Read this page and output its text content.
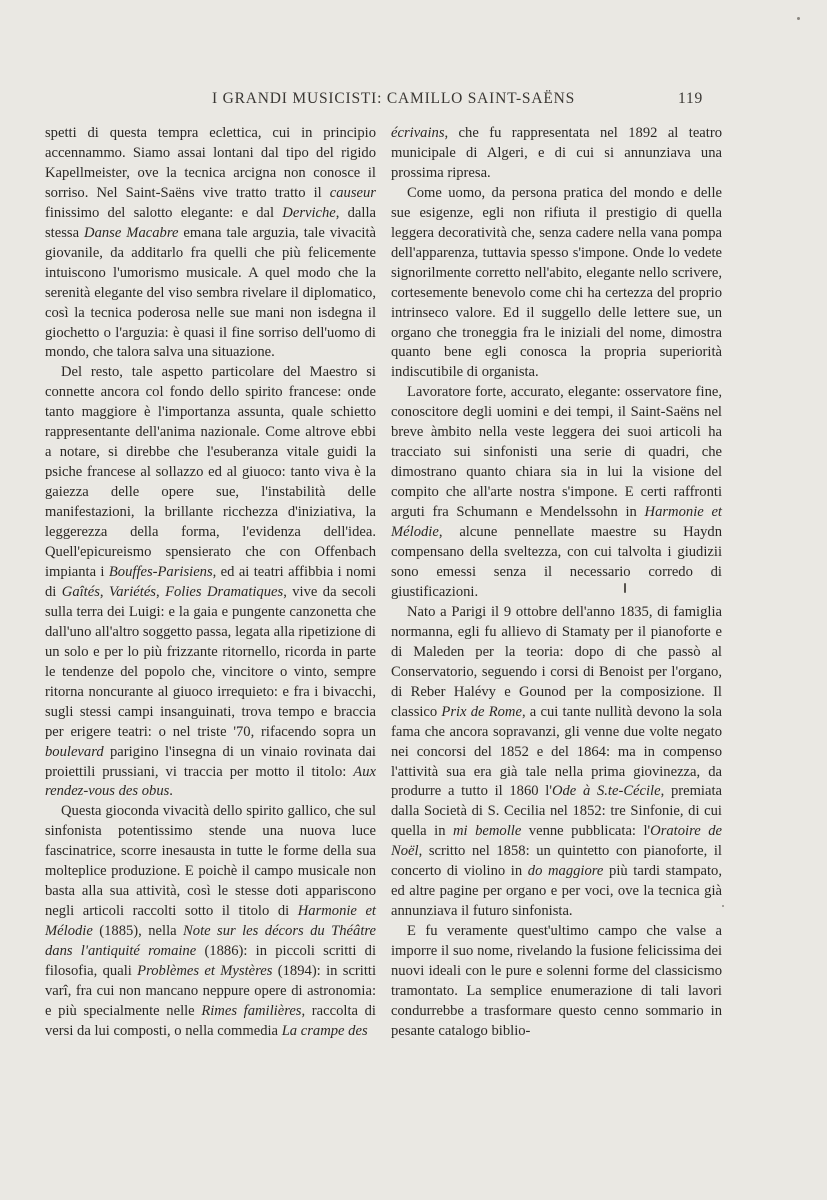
I GRANDI MUSICISTI: CAMILLO SAINT-SAËNS	119

spetti di questa tempra eclettica, cui in principio accennammo. Siamo assai lontani dal tipo del rigido Kapellmeister, ove la tecnica arcigna non conosce il sorriso. Nel Saint-Saëns vive tratto tratto il causeur finissimo del salotto elegante: e dal Derviche, dalla stessa Danse Macabre emana tale arguzia, tale vivacità giovanile, da additarlo fra quelli che più felicemente intuiscono l'umorismo musicale. A quel modo che la serenità elegante del viso sembra rivelare il diplomatico, così la tecnica poderosa nelle sue mani non isdegna il giochetto o l'arguzia: è quasi il fine sorriso dell'uomo di mondo, che talora salva una situazione.

Del resto, tale aspetto particolare del Maestro si connette ancora col fondo dello spirito francese: onde tanto maggiore è l'importanza assunta, quale schietto rappresentante dell'anima nazionale. Come altrove ebbi a notare, si direbbe che l'esuberanza vitale guidi la psiche francese al sollazzo ed al giuoco: tanto viva è la gaiezza delle opere sue, l'instabilità delle manifestazioni, la brillante ricchezza d'iniziativa, la leggerezza della forma, l'evidenza dell'idea. Quell'epicureismo spensierato che con Offenbach impianta i Bouffes-Parisiens, ed ai teatri affibbia i nomi di Gaîtés, Variétés, Folies Dramatiques, vive da secoli sulla terra dei Luigi: e la gaia e pungente canzonetta che dall'uno all'altro soggetto passa, legata alla ripetizione di un solo e per lo più frizzante ritornello, ricorda in parte le tendenze del popolo che, vincitore o vinto, sempre ritorna noncurante al giuoco irrequieto: e fra i bivacchi, sugli stessi campi insanguinati, trova tempo e braccia per erigere teatri: o nel triste '70, rifacendo sopra un boulevard parigino l'insegna di un vinaio rovinata dai proiettili prussiani, vi traccia per motto il titolo: Aux rendez-vous des obus.

Questa gioconda vivacità dello spirito gallico, che sul sinfonista potentissimo stende una nuova luce fascinatrice, scorre inesausta in tutte le forme della sua molteplice produzione. E poichè il campo musicale non basta alla sua attività, così le stesse doti appariscono negli articoli raccolti sotto il titolo di Harmonie et Mélodie (1885), nella Note sur les décors du Théâtre dans l'antiquité romaine (1886): in piccoli scritti di filosofia, quali Problèmes et Mystères (1894): in scritti varî, fra cui non mancano neppure opere di astronomia: e più specialmente nelle Rimes familières, raccolta di versi da lui composti, o nella commedia La crampe des

écrivains, che fu rappresentata nel 1892 al teatro municipale di Algeri, e di cui si annunziava una prossima ripresa.

Come uomo, da persona pratica del mondo e delle sue esigenze, egli non rifiuta il prestigio di quella leggera decoratività che, senza cadere nella vana pompa dell'apparenza, tuttavia spesso s'impone. Onde lo vedete signorilmente corretto nell'abito, elegante nello scrivere, cortesemente benevolo come chi ha certezza del proprio intrinseco valore. Ed il suggello delle lettere sue, un organo che troneggia fra le iniziali del nome, dimostra quanto bene egli conosca la propria superiorità indiscutibile di organista.

Lavoratore forte, accurato, elegante: osservatore fine, conoscitore degli uomini e dei tempi, il Saint-Saëns nel breve àmbito nella veste leggera dei suoi articoli ha tracciato sui sinfonisti una serie di quadri, che dimostrano quanto chiara sia in lui la visione del compito che all'arte nostra s'impone. E certi raffronti arguti fra Schumann e Mendelssohn in Harmonie et Mélodie, alcune pennellate maestre su Haydn compensano della sveltezza, con cui talvolta i giudizii sono emessi senza il necessario corredo di giustificazioni.

Nato a Parigi il 9 ottobre dell'anno 1835, di famiglia normanna, egli fu allievo di Stamaty per il pianoforte e di Maleden per la teoria: dopo di che passò al Conservatorio, seguendo i corsi di Benoist per l'organo, di Reber Halévy e Gounod per la composizione. Il classico Prix de Rome, a cui tante nullità devono la sola fama che ancora sopravanzi, gli venne due volte negato nei concorsi del 1852 e del 1864: ma in compenso l'attività sua era già tale nella prima giovinezza, da produrre a tutto il 1860 l'Ode à S.te-Cécile, premiata dalla Società di S. Cecilia nel 1852: tre Sinfonie, di cui quella in mi bemolle venne pubblicata: l'Oratoire de Noël, scritto nel 1858: un quintetto con pianoforte, il concerto di violino in do maggiore più tardi stampato, ed altre pagine per organo e per voci, ove la tecnica già annunziava il futuro sinfonista.

E fu veramente quest'ultimo campo che valse a imporre il suo nome, rivelando la fusione felicissima dei nuovi ideali con le pure e solenni forme del classicismo tramontato. La semplice enumerazione di tali lavori condurrebbe a trasformare questo cenno sommario in pesante catalogo biblio-
